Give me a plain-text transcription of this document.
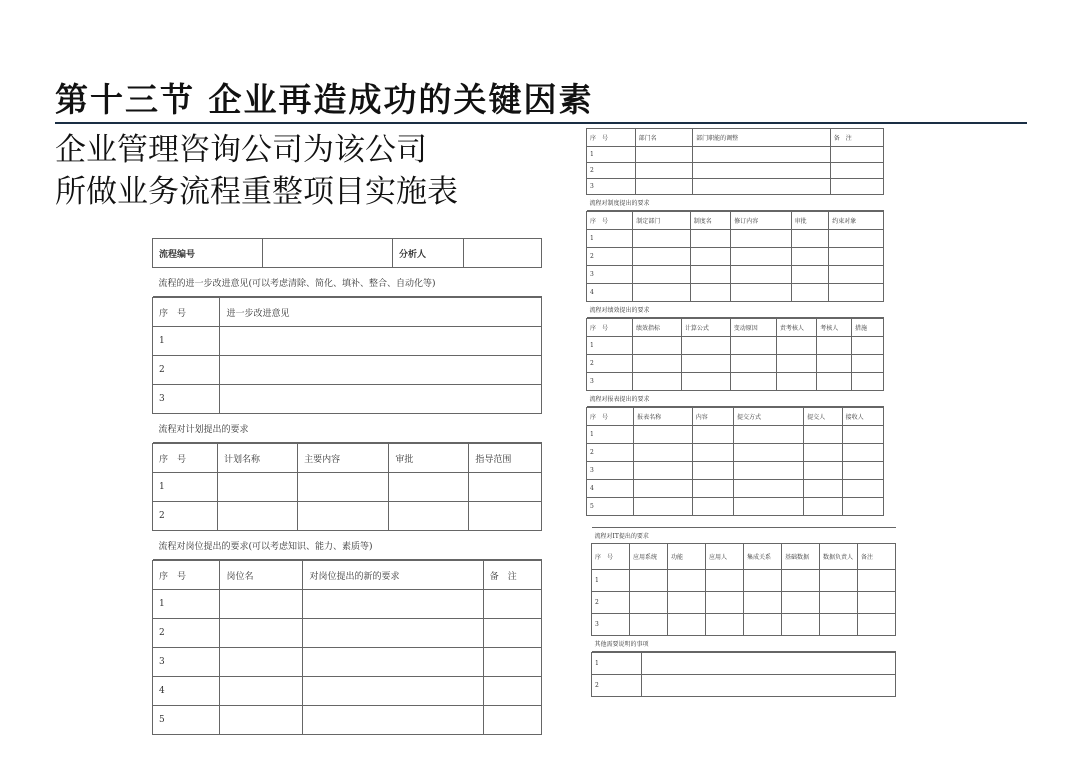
第十三节 企业再造成功的关键因素
企业管理咨询公司为该公司
所做业务流程重整项目实施表
流程编号		分析人	
流程的进一步改进意见(可以考虑清除、简化、填补、整合、自动化等)
序　号	进一步改进意见
1	
2	
3	
流程对计划提出的要求	
序　号	计划名称	主要内容	审批	指导范围	
1					
2					
流程对岗位提出的要求(可以考虑知识、能力、素质等)					
序　号	岗位名	对岗位提出的新的要求	备　注
1			
2			
3			
4			
5			
序　号	部门名	部门职能的调整	备　注
1			
2			
3			
流程对制度提出的要求			
序　号	制定部门	制度名	修订内容	审批	约束对象	
1						
2						
3						
4						
流程对绩效提出的要求						
序　号	绩效指标	计算公式	变动原因	责考核人	考核人	措施	
1							
2							
3							
流程对报表提出的要求							
序　号	报表名称	内容	提交方式	提交人	接收人	
1						
2						
3						
4						
5						
流程对IT提出的要求							
序　号	应用系统	功能	应用人	集成关系	基础数据	数据负责人	备注
1							
2							
3							
其他需要说明的事项							
1	
2	
